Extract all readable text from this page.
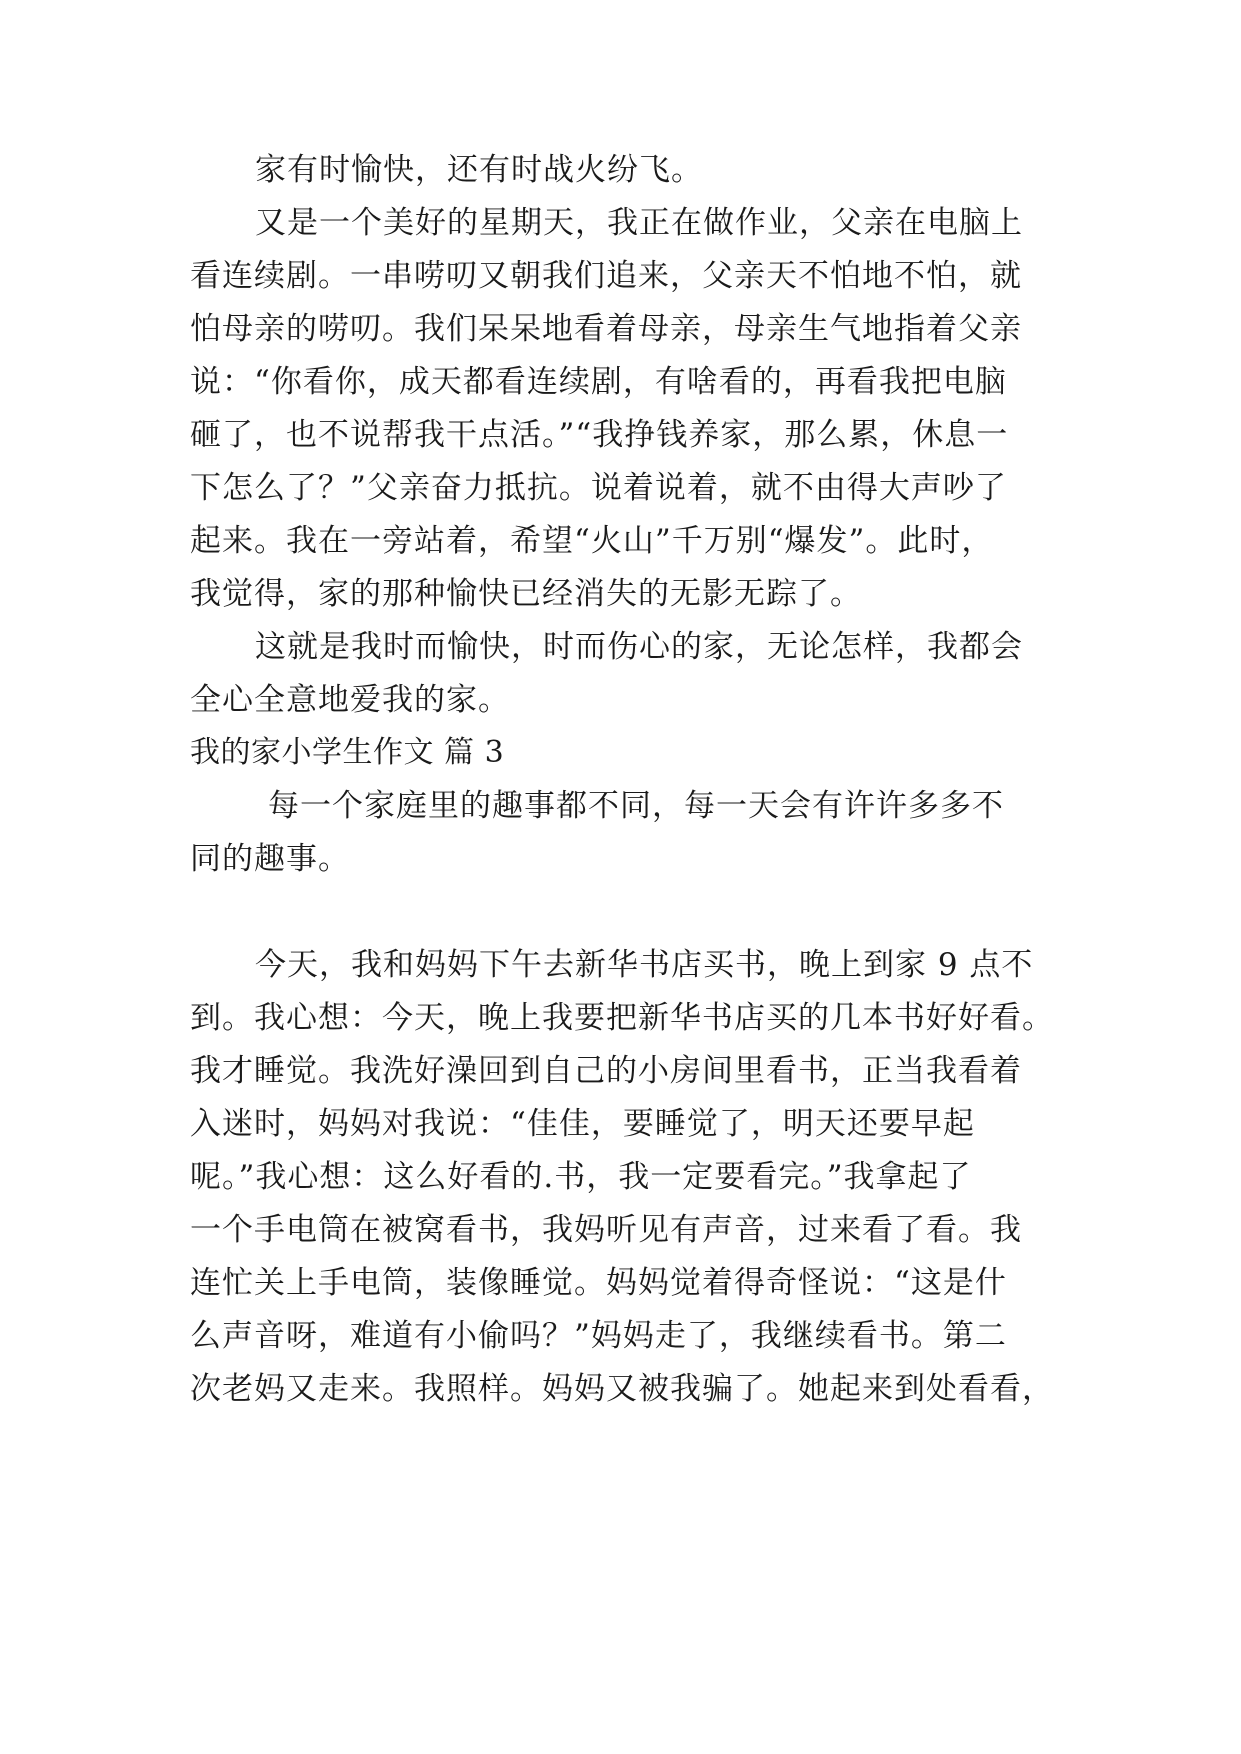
家有时愉快，还有时战火纷飞。
又是一个美好的星期天，我正在做作业，父亲在电脑上
看连续剧。一串唠叨又朝我们追来，父亲天不怕地不怕，就
怕母亲的唠叨。我们呆呆地看着母亲，母亲生气地指着父亲
说：“你看你，成天都看连续剧，有啥看的，再看我把电脑
砸了，也不说帮我干点活。”“我挣钱养家，那么累，休息一
下怎么了？”父亲奋力抵抗。说着说着，就不由得大声吵了
起来。我在一旁站着，希望“火山”千万别“爆发”。此时，
我觉得，家的那种愉快已经消失的无影无踪了。
这就是我时而愉快，时而伤心的家，无论怎样，我都会
全心全意地爱我的家。
我的家小学生作文 篇 3
每一个家庭里的趣事都不同，每一天会有许许多多不
同的趣事。
今天，我和妈妈下午去新华书店买书，晚上到家 9 点不
到。我心想：今天，晚上我要把新华书店买的几本书好好看。
我才睡觉。我洗好澡回到自己的小房间里看书，正当我看着
入迷时，妈妈对我说：“佳佳，要睡觉了，明天还要早起
呢。”我心想：这么好看的.书，我一定要看完。”我拿起了
一个手电筒在被窝看书，我妈听见有声音，过来看了看。我
连忙关上手电筒，装像睡觉。妈妈觉着得奇怪说：“这是什
么声音呀，难道有小偷吗？”妈妈走了，我继续看书。第二
次老妈又走来。我照样。妈妈又被我骗了。她起来到处看看，
